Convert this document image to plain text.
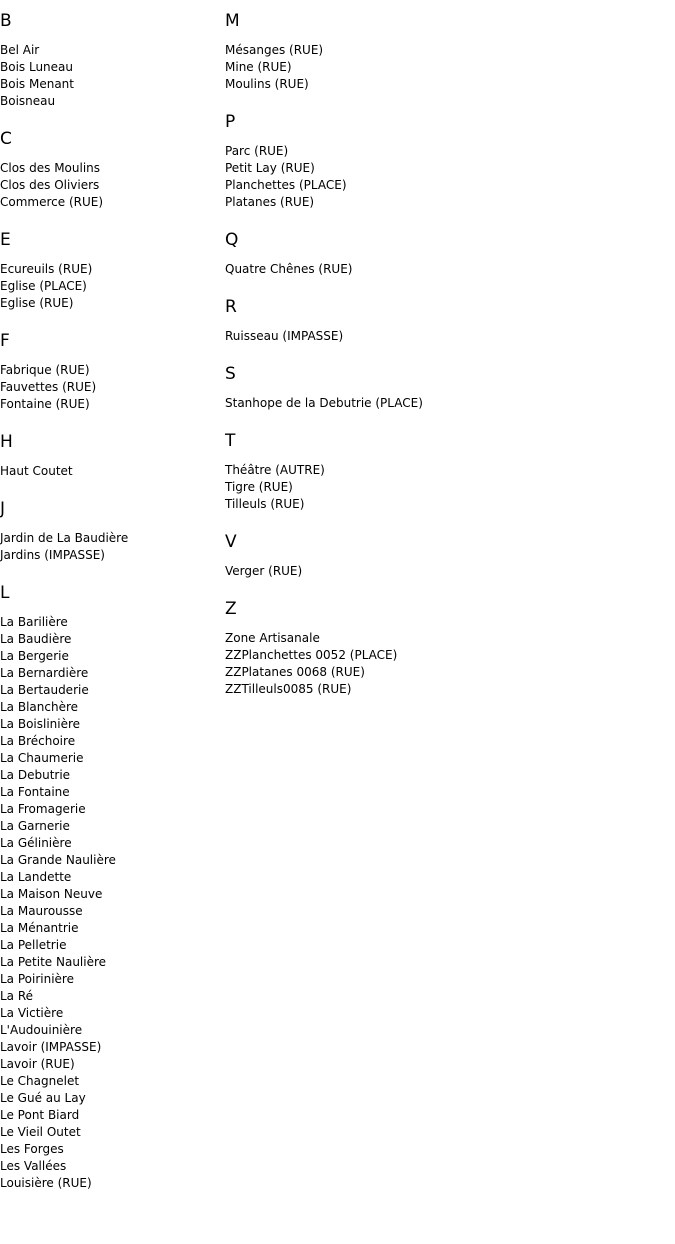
B
Bel Air
Bois Luneau
Bois Menant
Boisneau
C
Clos des Moulins
Clos des Oliviers
Commerce (RUE)
E
Ecureuils (RUE)
Eglise (PLACE)
Eglise (RUE)
F
Fabrique (RUE)
Fauvettes (RUE)
Fontaine (RUE)
H
Haut Coutet
J
Jardin de La Baudière
Jardins (IMPASSE)
L
La Barilière
La Baudière
La Bergerie
La Bernardière
La Bertauderie
La Blanchère
La Boislinière
La Bréchoire
La Chaumerie
La Debutrie
La Fontaine
La Fromagerie
La Garnerie
La Gélinière
La Grande Naulière
La Landette
La Maison Neuve
La Maurousse
La Ménantrie
La Pelletrie
La Petite Naulière
La Poirinière
La Ré
La Victière
L'Audouinière
Lavoir (IMPASSE)
Lavoir (RUE)
Le Chagnelet
Le Gué au Lay
Le Pont Biard
Le Vieil Outet
Les Forges
Les Vallées
Louisière (RUE)
M
Mésanges (RUE)
Mine (RUE)
Moulins (RUE)
P
Parc (RUE)
Petit Lay (RUE)
Planchettes (PLACE)
Platanes (RUE)
Q
Quatre Chênes (RUE)
R
Ruisseau (IMPASSE)
S
Stanhope de la Debutrie (PLACE)
T
Théâtre (AUTRE)
Tigre (RUE)
Tilleuls (RUE)
V
Verger (RUE)
Z
Zone Artisanale
ZZPlanchettes 0052 (PLACE)
ZZPlatanes 0068 (RUE)
ZZTilleuls0085 (RUE)
